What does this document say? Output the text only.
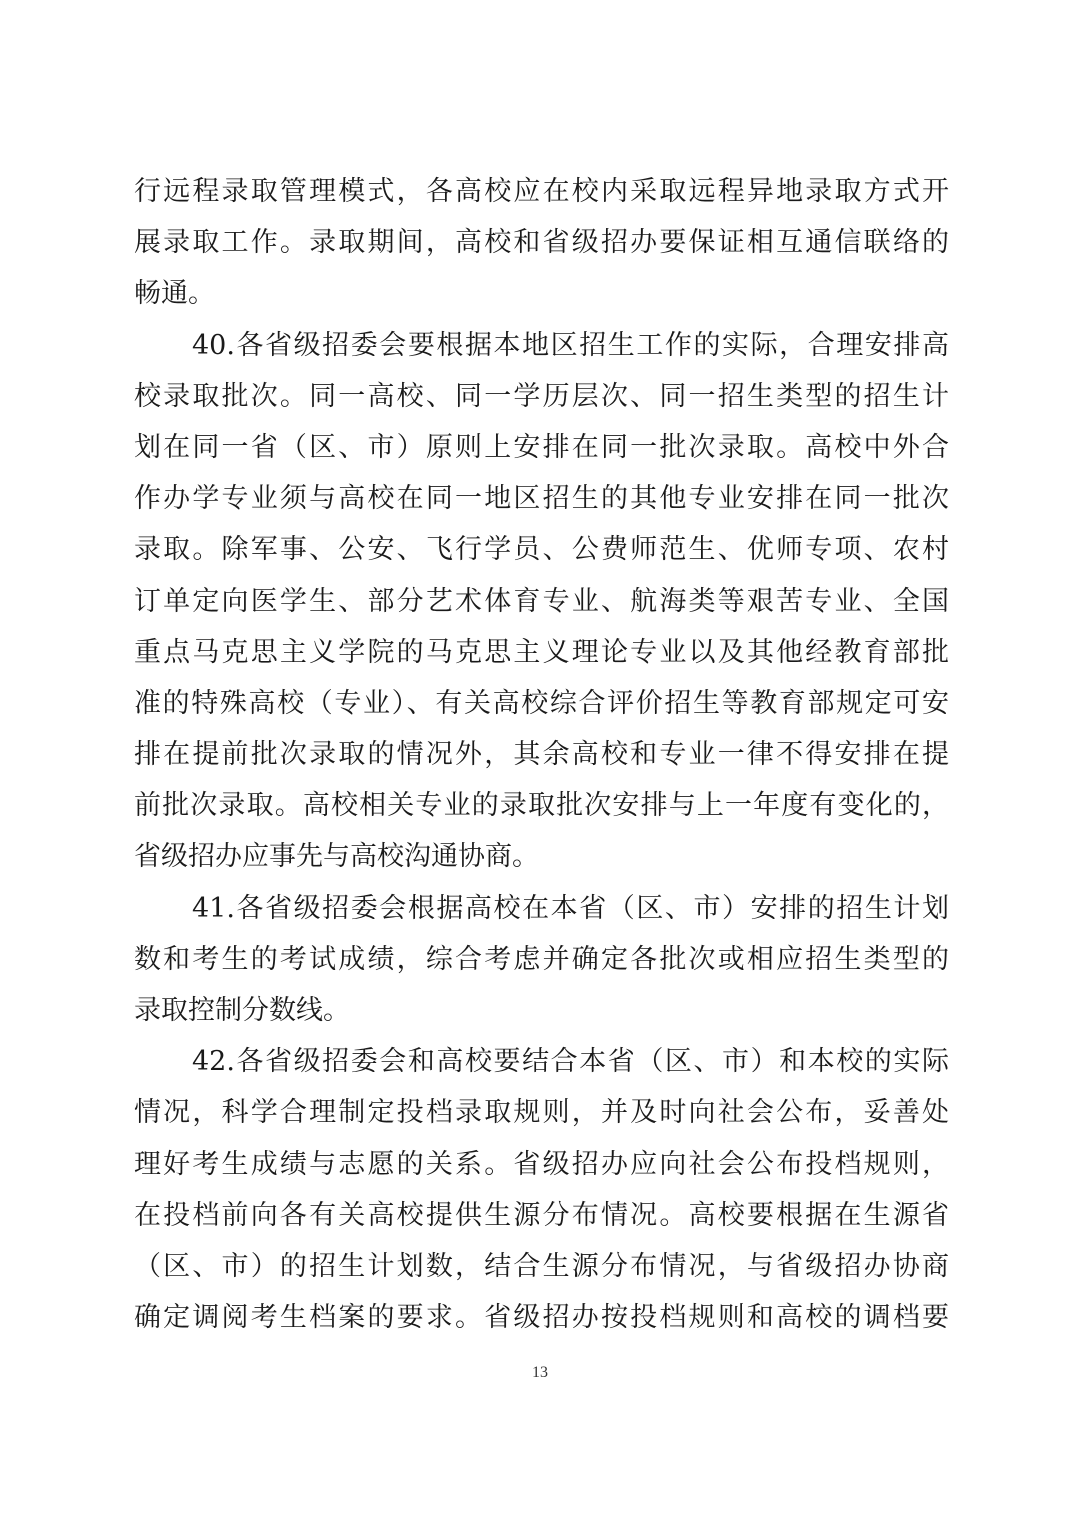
行远程录取管理模式，各高校应在校内采取远程异地录取方式开
展录取工作。录取期间，高校和省级招办要保证相互通信联络的
畅通。
40.各省级招委会要根据本地区招生工作的实际，合理安排高
校录取批次。同一高校、同一学历层次、同一招生类型的招生计
划在同一省（区、市）原则上安排在同一批次录取。高校中外合
作办学专业须与高校在同一地区招生的其他专业安排在同一批次
录取。除军事、公安、飞行学员、公费师范生、优师专项、农村
订单定向医学生、部分艺术体育专业、航海类等艰苦专业、全国
重点马克思主义学院的马克思主义理论专业以及其他经教育部批
准的特殊高校（专业）、有关高校综合评价招生等教育部规定可安
排在提前批次录取的情况外，其余高校和专业一律不得安排在提
前批次录取。高校相关专业的录取批次安排与上一年度有变化的，
省级招办应事先与高校沟通协商。
41.各省级招委会根据高校在本省（区、市）安排的招生计划
数和考生的考试成绩，综合考虑并确定各批次或相应招生类型的
录取控制分数线。
42.各省级招委会和高校要结合本省（区、市）和本校的实际
情况，科学合理制定投档录取规则，并及时向社会公布，妥善处
理好考生成绩与志愿的关系。省级招办应向社会公布投档规则，
在投档前向各有关高校提供生源分布情况。高校要根据在生源省
（区、市）的招生计划数，结合生源分布情况，与省级招办协商
确定调阅考生档案的要求。省级招办按投档规则和高校的调档要
13
